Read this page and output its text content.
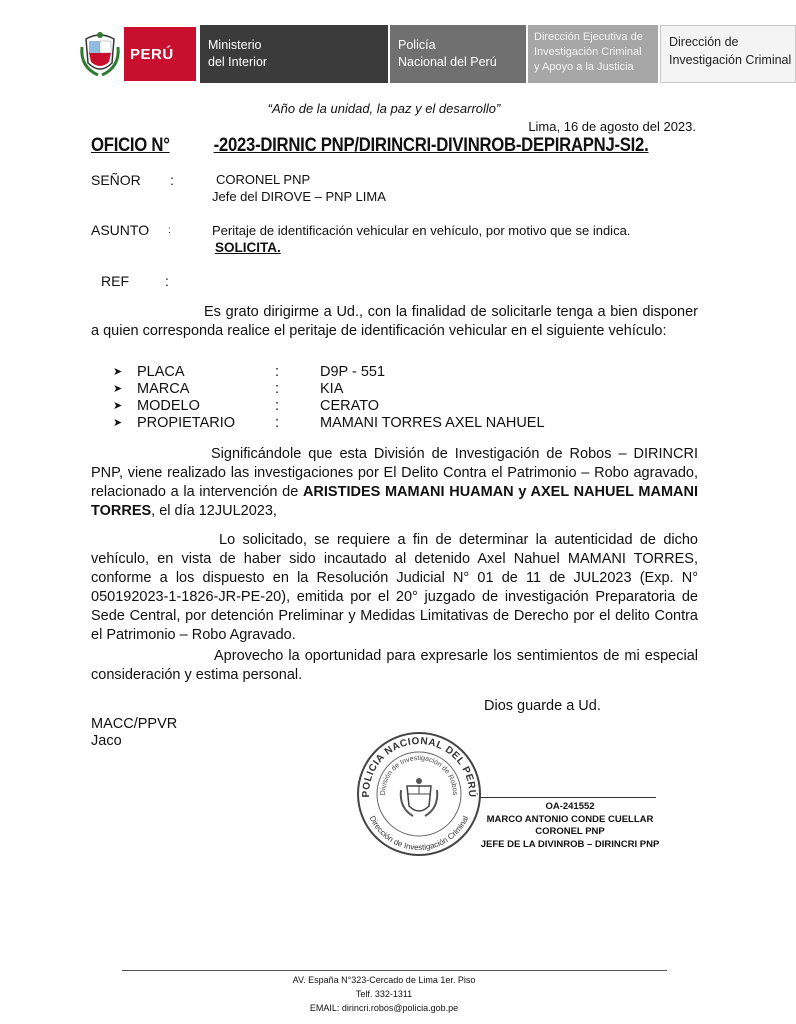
PERÚ
Ministerio
del Interior
Policía
Nacional del Perú
Dirección Ejecutiva de
Investigación Criminal
y Apoyo a la Justicia
Dirección de
Investigación Criminal
“Año de la unidad, la paz y el desarrollo”
Lima, 16 de agosto del 2023.
OFICIO N° -2023-DIRNIC PNP/DIRINCRI-DIVINROB-DEPIRAPNJ-SI2.
SEÑOR :	CORONEL PNP
Jefe del DIROVE – PNP LIMA
ASUNTO :	Peritaje de identificación vehicular en vehículo, por motivo que se indica.
SOLICITA.
REF	:
Es grato dirigirme a Ud., con la finalidad de solicitarle tenga a bien disponer a quien corresponda realice el peritaje de identificación vehicular en el siguiente vehículo:
➤ PLACA	:	D9P - 551
➤ MARCA	:	KIA
➤ MODELO	:	CERATO
➤ PROPIETARIO	:	MAMANI TORRES AXEL NAHUEL
Significándole que esta División de Investigación de Robos – DIRINCRI PNP, viene realizado las investigaciones por El Delito Contra el Patrimonio – Robo agravado, relacionado a la intervención de ARISTIDES MAMANI HUAMAN y AXEL NAHUEL MAMANI TORRES, el día 12JUL2023,
Lo solicitado, se requiere a fin de determinar la autenticidad de dicho vehículo, en vista de haber sido incautado al detenido Axel Nahuel MAMANI TORRES, conforme a los dispuesto en la Resolución Judicial N° 01 de 11 de JUL2023 (Exp. N° 050192023-1-1826-JR-PE-20), emitida por el 20° juzgado de investigación Preparatoria de Sede Central, por detención Preliminar y Medidas Limitativas de Derecho por el delito Contra el Patrimonio – Robo Agravado.
Aprovecho la oportunidad para expresarle los sentimientos de mi especial consideración y estima personal.
Dios guarde a Ud.
MACC/PPVR
Jaco
POLICIA NACIONAL DEL PERÚ
Dirección de Investigación Criminal
División de Investigación de Robos
OA-241552
MARCO ANTONIO CONDE CUELLAR
CORONEL PNP
JEFE DE LA DIVINROB – DIRINCRI PNP
AV. España N°323-Cercado de Lima 1er. Piso
Telf. 332-1311
EMAIL: dirincri.robos@policia.gob.pe
